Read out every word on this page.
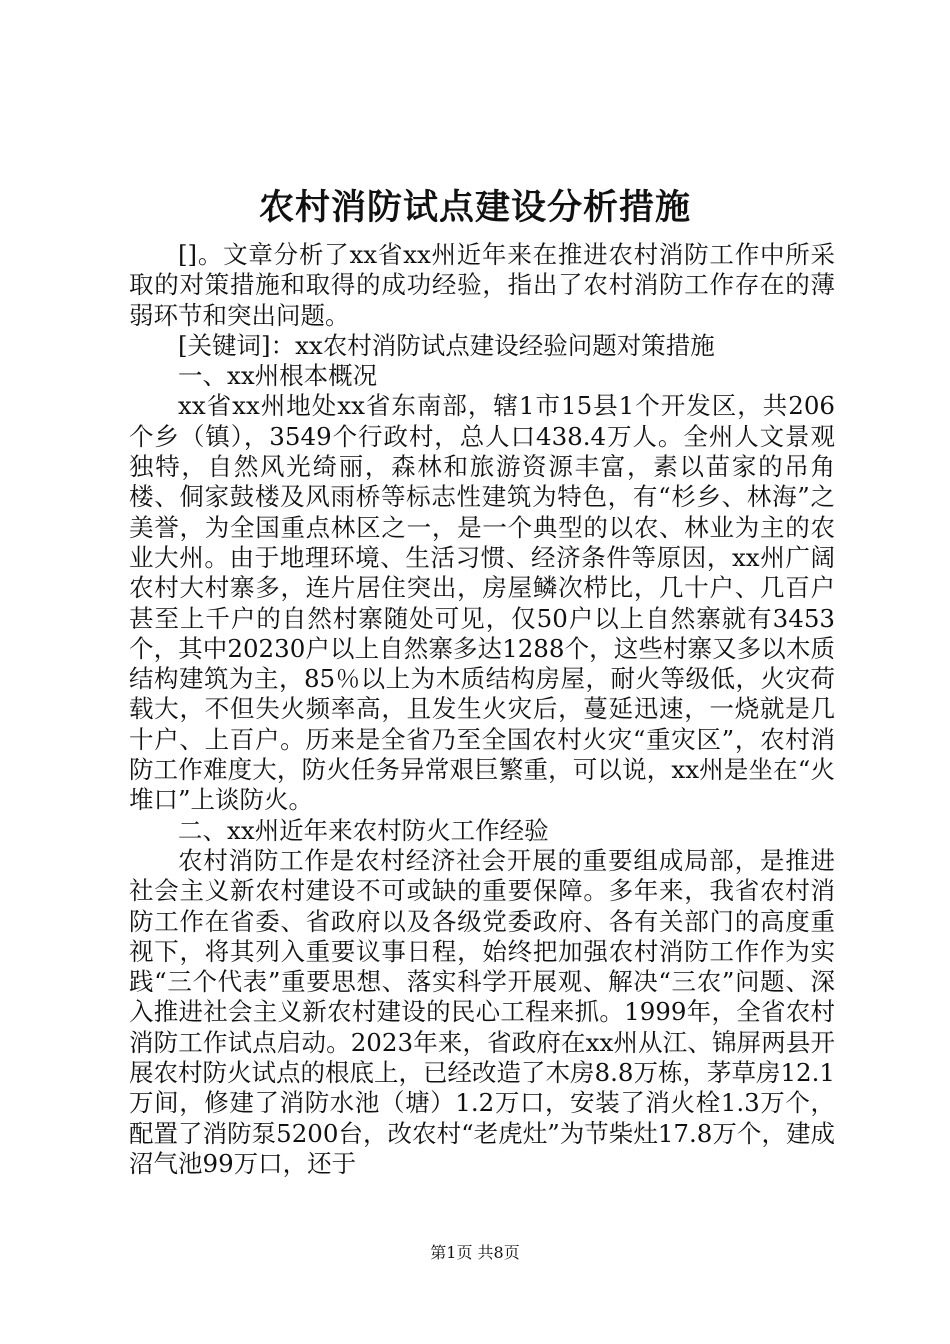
农村消防试点建设分析措施

[]。文章分析了xx省xx州近年来在推进农村消防工作中所采取的对策措施和取得的成功经验，指出了农村消防工作存在的薄弱环节和突出问题。

[关键词]：xx农村消防试点建设经验问题对策措施

一、xx州根本概况

xx省xx州地处xx省东南部，辖1市15县1个开发区，共206个乡（镇），3549个行政村，总人口438.4万人。全州人文景观独特，自然风光绮丽，森林和旅游资源丰富，素以苗家的吊角楼、侗家鼓楼及风雨桥等标志性建筑为特色，有“杉乡、林海”之美誉，为全国重点林区之一，是一个典型的以农、林业为主的农业大州。由于地理环境、生活习惯、经济条件等原因，xx州广阔农村大村寨多，连片居住突出，房屋鳞次栉比，几十户、几百户甚至上千户的自然村寨随处可见，仅50户以上自然寨就有3453个，其中20230户以上自然寨多达1288个，这些村寨又多以木质结构建筑为主，85％以上为木质结构房屋，耐火等级低，火灾荷载大，不但失火频率高，且发生火灾后，蔓延迅速，一烧就是几十户、上百户。历来是全省乃至全国农村火灾“重灾区”，农村消防工作难度大，防火任务异常艰巨繁重，可以说，xx州是坐在“火堆口”上谈防火。

二、xx州近年来农村防火工作经验

农村消防工作是农村经济社会开展的重要组成局部，是推进社会主义新农村建设不可或缺的重要保障。多年来，我省农村消防工作在省委、省政府以及各级党委政府、各有关部门的高度重视下，将其列入重要议事日程，始终把加强农村消防工作作为实践“三个代表”重要思想、落实科学开展观、解决“三农”问题、深入推进社会主义新农村建设的民心工程来抓。1999年，全省农村消防工作试点启动。2023年来，省政府在xx州从江、锦屏两县开展农村防火试点的根底上，已经改造了木房8.8万栋，茅草房12.1万间，修建了消防水池（塘）1.2万口，安装了消火栓1.3万个，配置了消防泵5200台，改农村“老虎灶”为节柴灶17.8万个，建成沼气池99万口，还于

第1页 共8页
